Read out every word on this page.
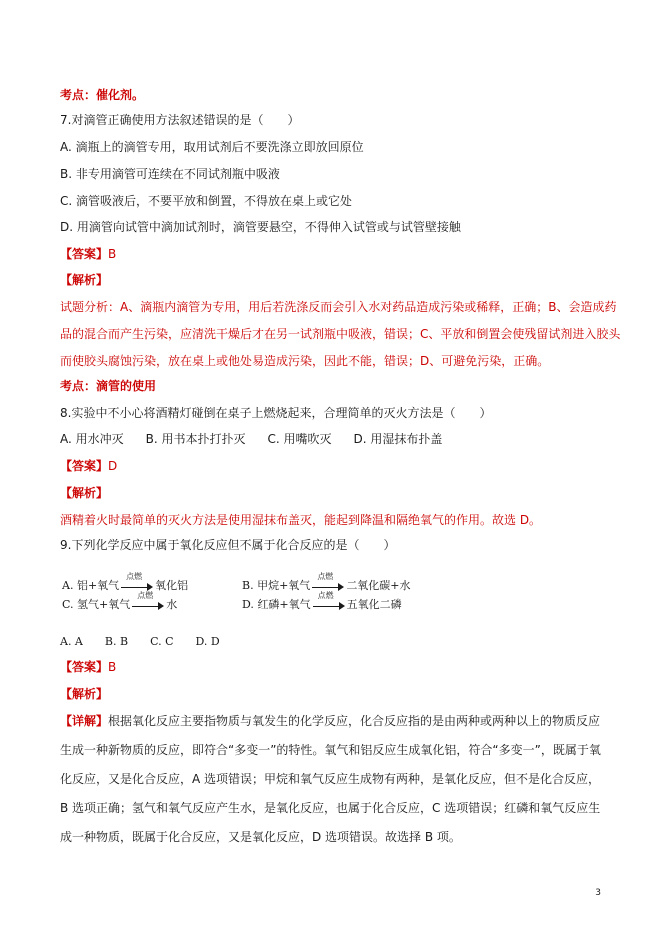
考点：催化剂。
7.对滴管正确使用方法叙述错误的是（　　）
A. 滴瓶上的滴管专用，取用试剂后不要洗涤立即放回原位
B. 非专用滴管可连续在不同试剂瓶中吸液
C. 滴管吸液后，不要平放和倒置，不得放在桌上或它处
D. 用滴管向试管中滴加试剂时，滴管要悬空，不得伸入试管或与试管壁接触
【答案】B
【解析】
试题分析：A、滴瓶内滴管为专用，用后若洗涤反而会引入水对药品造成污染或稀释，正确；B、会造成药
品的混合而产生污染，应清洗干燥后才在另一试剂瓶中吸液，错误；C、平放和倒置会使残留试剂进入胶头
而使胶头腐蚀污染，放在桌上或他处易造成污染，因此不能，错误；D、可避免污染，正确。
考点：滴管的使用
8.实验中不小心将酒精灯碰倒在桌子上燃烧起来，合理简单的灭火方法是（　　）
A. 用水冲灭 B. 用书本扑打扑灭 C. 用嘴吹灭 D. 用湿抹布扑盖
【答案】D
【解析】
酒精着火时最简单的灭火方法是使用湿抹布盖灭，能起到降温和隔绝氧气的作用。故选 D。
9.下列化学反应中属于氧化反应但不属于化合反应的是（　　）
A. 铝+氧气
点燃
氧化铝	B. 甲烷+氧气
点燃
二氧化碳+水
C. 氢气+氧气
点燃
水	D. 红磷+氧气
点燃
五氧化二磷
A. A B. B C. C D. D
【答案】B
【解析】
【详解】根据氧化反应主要指物质与氧发生的化学反应，化合反应指的是由两种或两种以上的物质反应生成一种新物质的反应，即符合“多变一”的特性。氧气和铝反应生成氧化铝，符合“多变一”，既属于氧化反应，又是化合反应，A 选项错误；甲烷和氧气反应生成物有两种，是氧化反应，但不是化合反应，B 选项正确；氢气和氧气反应产生水，是氧化反应，也属于化合反应，C 选项错误；红磷和氧气反应生成一种物质，既属于化合反应，又是氧化反应，D 选项错误。故选择 B 项。
3
